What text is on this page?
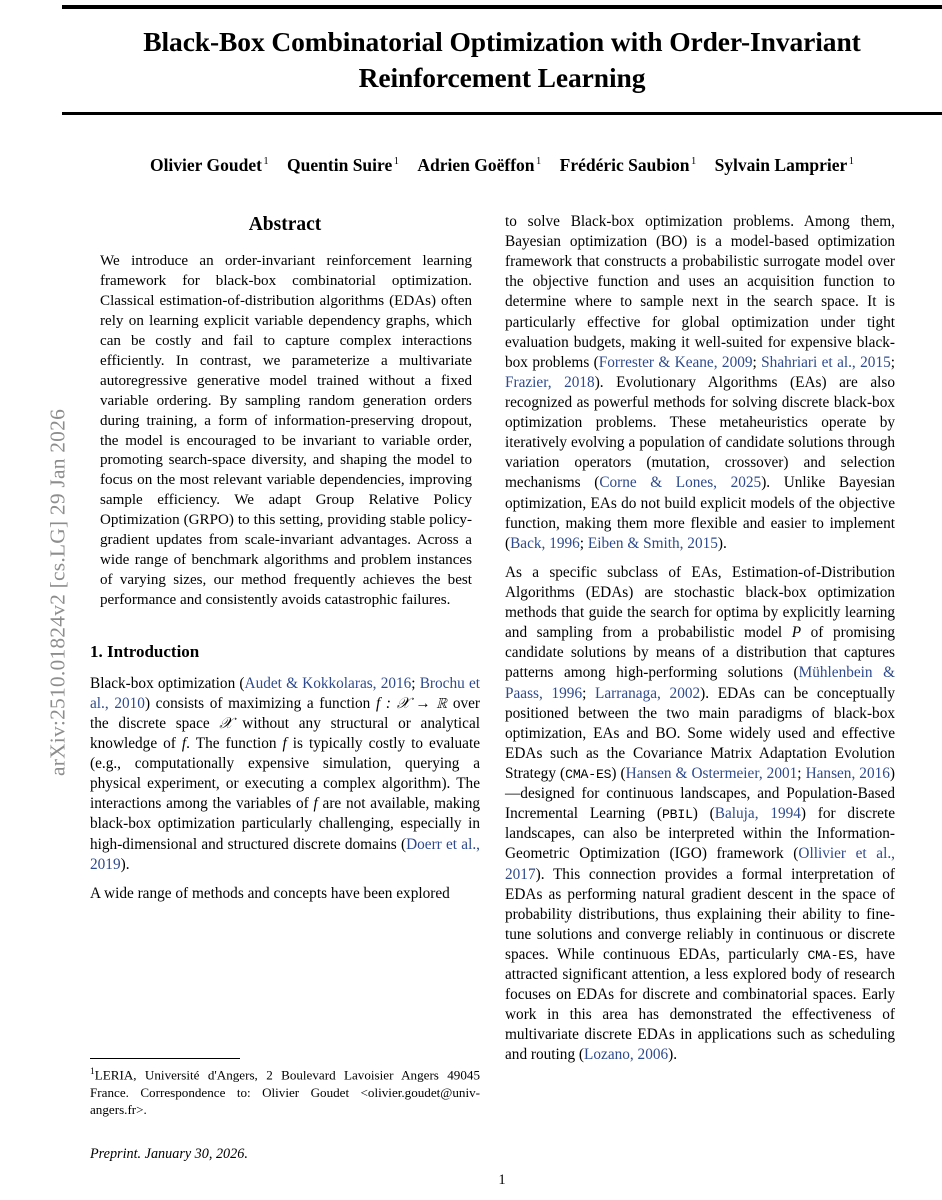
arXiv:2510.01824v2 [cs.LG] 29 Jan 2026
Black-Box Combinatorial Optimization with Order-Invariant Reinforcement Learning
Olivier Goudet $^1$ Quentin Suire $^1$ Adrien Goëffon $^1$ Frédéric Saubion $^1$ Sylvain Lamprier $^1$
Abstract
We introduce an order-invariant reinforcement learning framework for black-box combinatorial optimization. Classical estimation-of-distribution algorithms (EDAs) often rely on learning explicit variable dependency graphs, which can be costly and fail to capture complex interactions efficiently. In contrast, we parameterize a multivariate autoregressive generative model trained without a fixed variable ordering. By sampling random generation orders during training, a form of information-preserving dropout, the model is encouraged to be invariant to variable order, promoting search-space diversity, and shaping the model to focus on the most relevant variable dependencies, improving sample efficiency. We adapt Group Relative Policy Optimization (GRPO) to this setting, providing stable policy-gradient updates from scale-invariant advantages. Across a wide range of benchmark algorithms and problem instances of varying sizes, our method frequently achieves the best performance and consistently avoids catastrophic failures.
1. Introduction

Black-box optimization (Audet & Kokkolaras, 2016; Brochu et al., 2010) consists of maximizing a function f : 𝒳 → ℝ over the discrete space 𝒳 without any structural or analytical knowledge of f. The function f is typically costly to evaluate (e.g., computationally expensive simulation, querying a physical experiment, or executing a complex algorithm). The interactions among the variables of f are not available, making black-box optimization particularly challenging, especially in high-dimensional and structured discrete domains (Doerr et al., 2019).

A wide range of methods and concepts have been explored

to solve Black-box optimization problems. Among them, Bayesian optimization (BO) is a model-based optimization framework that constructs a probabilistic surrogate model over the objective function and uses an acquisition function to determine where to sample next in the search space. It is particularly effective for global optimization under tight evaluation budgets, making it well-suited for expensive black-box problems (Forrester & Keane, 2009; Shahriari et al., 2015; Frazier, 2018). Evolutionary Algorithms (EAs) are also recognized as powerful methods for solving discrete black-box optimization problems. These metaheuristics operate by iteratively evolving a population of candidate solutions through variation operators (mutation, crossover) and selection mechanisms (Corne & Lones, 2025). Unlike Bayesian optimization, EAs do not build explicit models of the objective function, making them more flexible and easier to implement (Back, 1996; Eiben & Smith, 2015).

As a specific subclass of EAs, Estimation-of-Distribution Algorithms (EDAs) are stochastic black-box optimization methods that guide the search for optima by explicitly learning and sampling from a probabilistic model P of promising candidate solutions by means of a distribution that captures patterns among high-performing solutions (Mühlenbein & Paass, 1996; Larranaga, 2002). EDAs can be conceptually positioned between the two main paradigms of black-box optimization, EAs and BO. Some widely used and effective EDAs such as the Covariance Matrix Adaptation Evolution Strategy (CMA-ES) (Hansen & Ostermeier, 2001; Hansen, 2016)—designed for continuous landscapes, and Population-Based Incremental Learning (PBIL) (Baluja, 1994) for discrete landscapes, can also be interpreted within the Information-Geometric Optimization (IGO) framework (Ollivier et al., 2017). This connection provides a formal interpretation of EDAs as performing natural gradient descent in the space of probability distributions, thus explaining their ability to fine-tune solutions and converge reliably in continuous or discrete spaces. While continuous EDAs, particularly CMA-ES, have attracted significant attention, a less explored body of research focuses on EDAs for discrete and combinatorial spaces. Early work in this area has demonstrated the effectiveness of multivariate discrete EDAs in applications such as scheduling and routing (Lozano, 2006).

$^1$LERIA, Université d'Angers, 2 Boulevard Lavoisier Angers 49045 France. Correspondence to: Olivier Goudet <olivier.goudet@univ-angers.fr>.
Preprint. January 30, 2026.
1
